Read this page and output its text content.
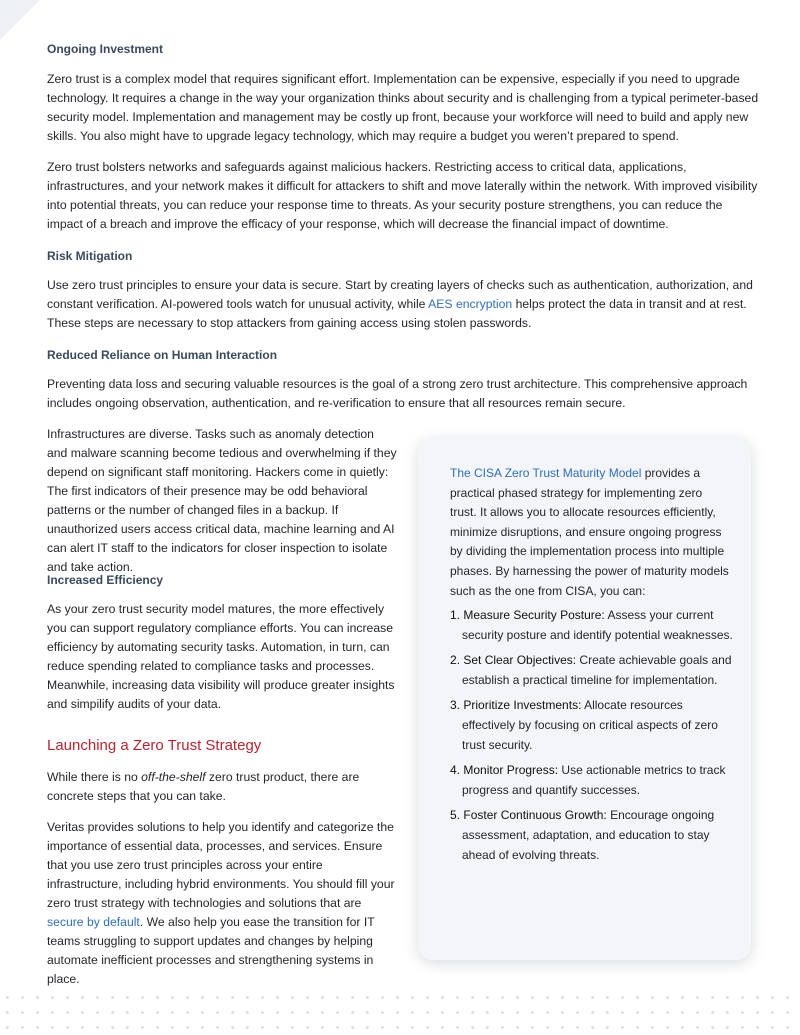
Ongoing Investment

Zero trust is a complex model that requires significant effort. Implementation can be expensive, especially if you need to upgrade technology. It requires a change in the way your organization thinks about security and is challenging from a typical perimeter-based security model. Implementation and management may be costly up front, because your workforce will need to build and apply new skills. You also might have to upgrade legacy technology, which may require a budget you weren’t prepared to spend.

Zero trust bolsters networks and safeguards against malicious hackers. Restricting access to critical data, applications, infrastructures, and your network makes it difficult for attackers to shift and move laterally within the network. With improved visibility into potential threats, you can reduce your response time to threats. As your security posture strengthens, you can reduce the impact of a breach and improve the efficacy of your response, which will decrease the financial impact of downtime.

Risk Mitigation

Use zero trust principles to ensure your data is secure. Start by creating layers of checks such as authentication, authorization, and constant verification. AI-powered tools watch for unusual activity, while AES encryption helps protect the data in transit and at rest. These steps are necessary to stop attackers from gaining access using stolen passwords.

Reduced Reliance on Human Interaction

Preventing data loss and securing valuable resources is the goal of a strong zero trust architecture. This comprehensive approach includes ongoing observation, authentication, and re-verification to ensure that all resources remain secure.

Infrastructures are diverse. Tasks such as anomaly detection and malware scanning become tedious and overwhelming if they depend on significant staff monitoring. Hackers come in quietly: The first indicators of their presence may be odd behavioral patterns or the number of changed files in a backup. If unauthorized users access critical data, machine learning and AI can alert IT staff to the indicators for closer inspection to isolate and take action.

Increased Efficiency

As your zero trust security model matures, the more effectively you can support regulatory compliance efforts. You can increase efficiency by automating security tasks. Automation, in turn, can reduce spending related to compliance tasks and processes. Meanwhile, increasing data visibility will produce greater insights and simpilify audits of your data.

Launching a Zero Trust Strategy

While there is no off-the-shelf zero trust product, there are concrete steps that you can take.

Veritas provides solutions to help you identify and categorize the importance of essential data, processes, and services. Ensure that you use zero trust principles across your entire infrastructure, including hybrid environments. You should fill your zero trust strategy with technologies and solutions that are secure by default. We also help you ease the transition for IT teams struggling to support updates and changes by helping automate inefficient processes and strengthening systems in place.

The CISA Zero Trust Maturity Model provides a practical phased strategy for implementing zero trust. It allows you to allocate resources efficiently, minimize disruptions, and ensure ongoing progress by dividing the implementation process into multiple phases. By harnessing the power of maturity models such as the one from CISA, you can:

1. Measure Security Posture: Assess your current security posture and identify potential weaknesses.
2. Set Clear Objectives: Create achievable goals and establish a practical timeline for implementation.
3. Prioritize Investments: Allocate resources effectively by focusing on critical aspects of zero trust security.
4. Monitor Progress: Use actionable metrics to track progress and quantify successes.
5. Foster Continuous Growth: Encourage ongoing assessment, adaptation, and education to stay ahead of evolving threats.
